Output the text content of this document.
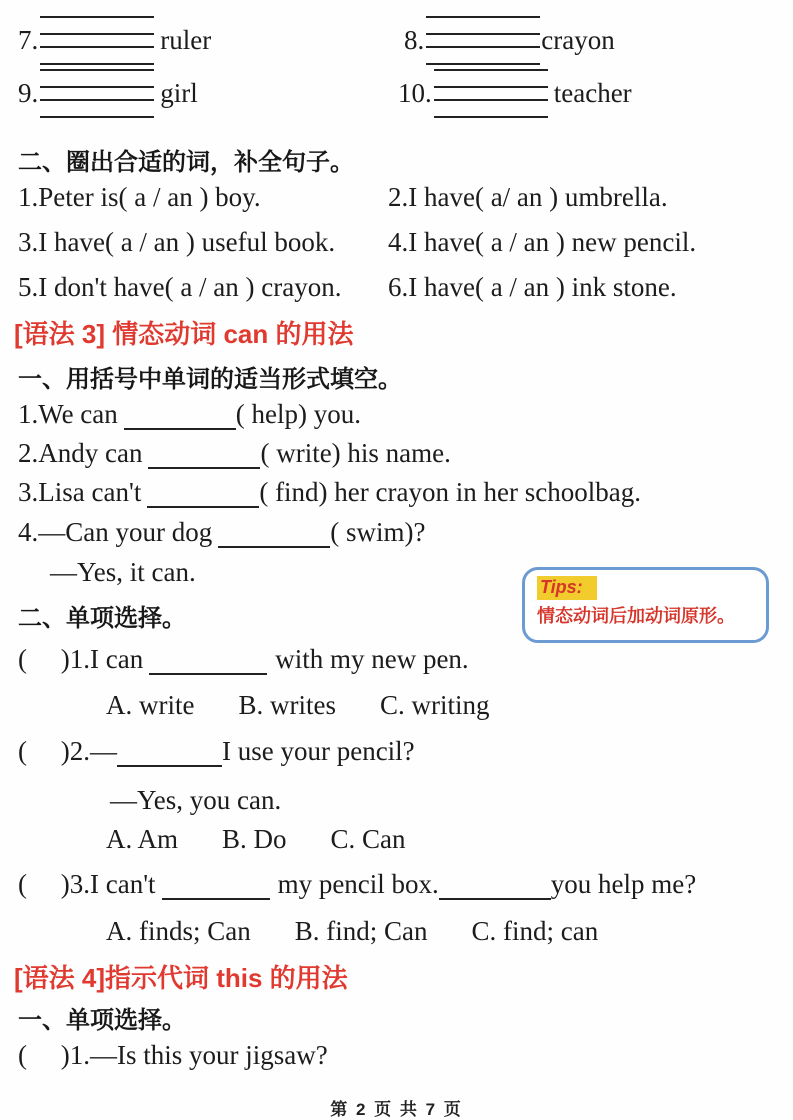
7.	ruler	8.	crayon
9.	girl	10.	teacher
二、圈出合适的词，补全句子。
1.Peter is( a / an ) boy.	2.I have( a/ an ) umbrella.
3.I have( a / an ) useful book. 4.I have( a / an ) new pencil.
5.I don't have( a / an ) crayon. 6.I have( a / an ) ink stone.
[语法 3] 情态动词 can 的用法
一、用括号中单词的适当形式填空。
1.We can	( help) you.
2.Andy can	( write) his name.
3.Lisa can't	( find) her crayon in her schoolbag.
4.—Can your dog	( swim)?
—Yes, it can.
二、单项选择。
Tips:
情态动词后加动词原形。
(  )1.I can	with my new pen.
A. write B. writes C. writing
(  )2.—	I use your pencil?
—Yes, you can.
A. Am B. Do C. Can
(  )3.I can't	my pencil box.	you help me?
A. finds; Can B. find; Can C. find; can
[语法 4]指示代词 this 的用法
一、单项选择。
(  )1.—Is this your jigsaw?
第 2 页 共 7 页
